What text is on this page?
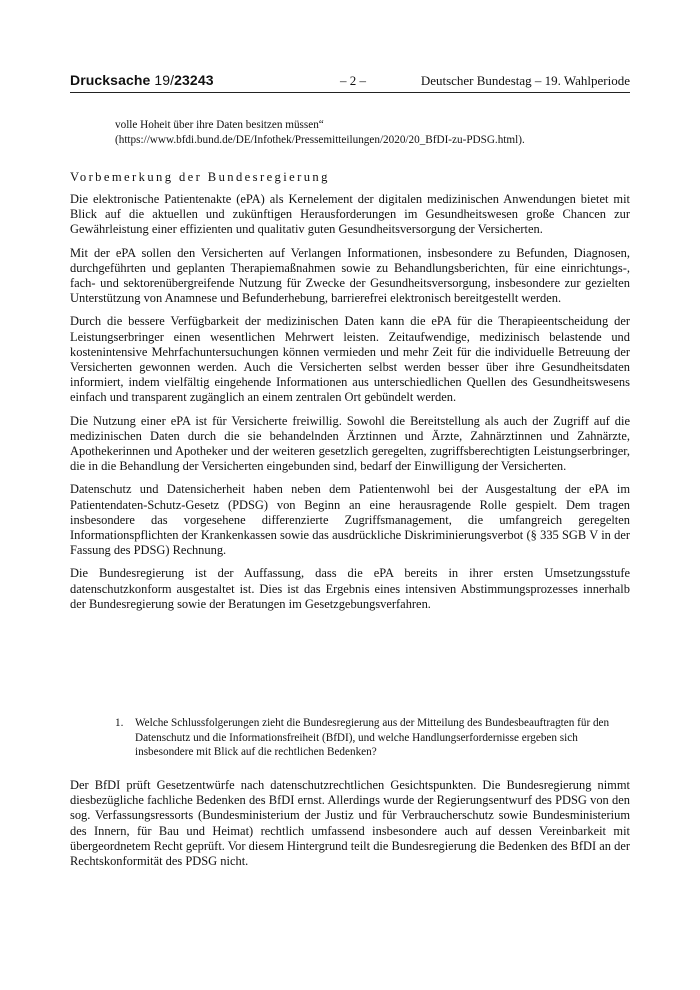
Drucksache 19/23243	– 2 –	Deutscher Bundestag – 19. Wahlperiode
volle Hoheit über ihre Daten besitzen müssen“ (https://www.bfdi.bund.de/DE/Infothek/Pressemitteilungen/2020/20_BfDI-zu-PDSG.html).
Vorbemerkung der Bundesregierung

Die elektronische Patientenakte (ePA) als Kernelement der digitalen medizinischen Anwendungen bietet mit Blick auf die aktuellen und zukünftigen Herausforderungen im Gesundheitswesen große Chancen zur Gewährleistung einer effizienten und qualitativ guten Gesundheitsversorgung der Versicherten.

Mit der ePA sollen den Versicherten auf Verlangen Informationen, insbesondere zu Befunden, Diagnosen, durchgeführten und geplanten Therapiemaßnahmen sowie zu Behandlungsberichten, für eine einrichtungs-, fach- und sektorenübergreifende Nutzung für Zwecke der Gesundheitsversorgung, insbesondere zur gezielten Unterstützung von Anamnese und Befunderhebung, barrierefrei elektronisch bereitgestellt werden.

Durch die bessere Verfügbarkeit der medizinischen Daten kann die ePA für die Therapieentscheidung der Leistungserbringer einen wesentlichen Mehrwert leisten. Zeitaufwendige, medizinisch belastende und kostenintensive Mehrfachuntersuchungen können vermieden und mehr Zeit für die individuelle Betreuung der Versicherten gewonnen werden. Auch die Versicherten selbst werden besser über ihre Gesundheitsdaten informiert, indem vielfältig eingehende Informationen aus unterschiedlichen Quellen des Gesundheitswesens einfach und transparent zugänglich an einem zentralen Ort gebündelt werden.

Die Nutzung einer ePA ist für Versicherte freiwillig. Sowohl die Bereitstellung als auch der Zugriff auf die medizinischen Daten durch die sie behandelnden Ärztinnen und Ärzte, Zahnärztinnen und Zahnärzte, Apothekerinnen und Apotheker und der weiteren gesetzlich geregelten, zugriffsberechtigten Leistungserbringer, die in die Behandlung der Versicherten eingebunden sind, bedarf der Einwilligung der Versicherten.

Datenschutz und Datensicherheit haben neben dem Patientenwohl bei der Ausgestaltung der ePA im Patientendaten-Schutz-Gesetz (PDSG) von Beginn an eine herausragende Rolle gespielt. Dem tragen insbesondere das vorgesehene differenzierte Zugriffsmanagement, die umfangreich geregelten Informationspflichten der Krankenkassen sowie das ausdrückliche Diskriminierungsverbot (§ 335 SGB V in der Fassung des PDSG) Rechnung.

Die Bundesregierung ist der Auffassung, dass die ePA bereits in ihrer ersten Umsetzungsstufe datenschutzkonform ausgestaltet ist. Dies ist das Ergebnis eines intensiven Abstimmungsprozesses innerhalb der Bundesregierung sowie der Beratungen im Gesetzgebungsverfahren.

1. Welche Schlussfolgerungen zieht die Bundesregierung aus der Mitteilung des Bundesbeauftragten für den Datenschutz und die Informationsfreiheit (BfDI), und welche Handlungserfordernisse ergeben sich insbesondere mit Blick auf die rechtlichen Bedenken?

Der BfDI prüft Gesetzentwürfe nach datenschutzrechtlichen Gesichtspunkten. Die Bundesregierung nimmt diesbezügliche fachliche Bedenken des BfDI ernst. Allerdings wurde der Regierungsentwurf des PDSG von den sog. Verfassungsressorts (Bundesministerium der Justiz und für Verbraucherschutz sowie Bundesministerium des Innern, für Bau und Heimat) rechtlich umfassend insbesondere auch auf dessen Vereinbarkeit mit übergeordnetem Recht geprüft. Vor diesem Hintergrund teilt die Bundesregierung die Bedenken des BfDI an der Rechtskonformität des PDSG nicht.
